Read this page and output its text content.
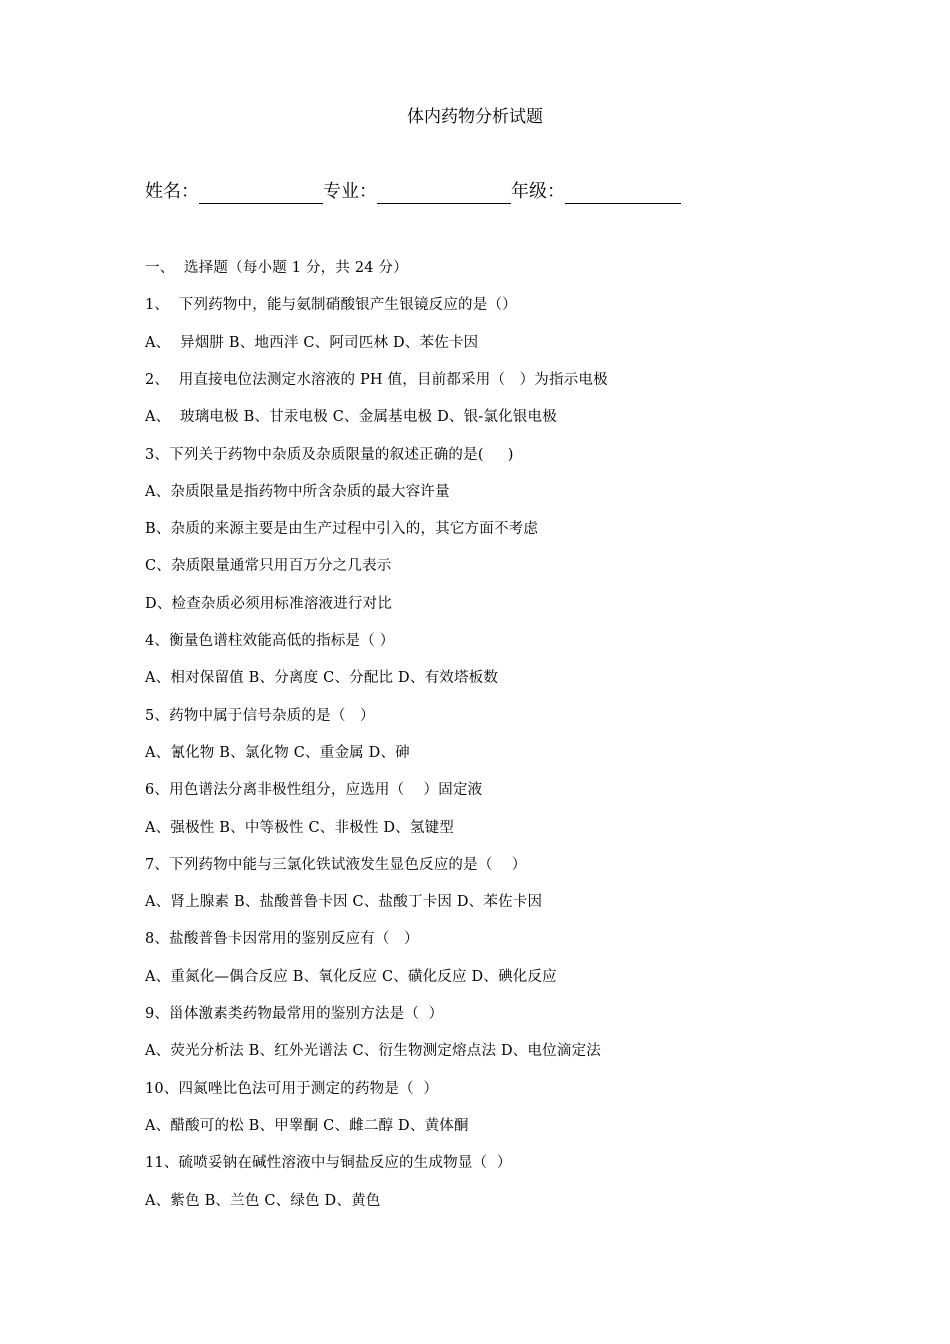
体内药物分析试题
姓名：	专业：	年级：
一、  选择题（每小题 1 分，共 24 分）
1、  下列药物中，能与氨制硝酸银产生银镜反应的是（）
A、  异烟肼 B、地西泮 C、阿司匹林 D、苯佐卡因
2、  用直接电位法测定水溶液的 PH 值，目前都采用（   ）为指示电极
A、  玻璃电极 B、甘汞电极 C、金属基电极 D、银-氯化银电极
3、下列关于药物中杂质及杂质限量的叙述正确的是(     )
A、杂质限量是指药物中所含杂质的最大容许量
B、杂质的来源主要是由生产过程中引入的，其它方面不考虑
C、杂质限量通常只用百万分之几表示
D、检查杂质必须用标准溶液进行对比
4、衡量色谱柱效能高低的指标是（ ）
A、相对保留值 B、分离度 C、分配比 D、有效塔板数
5、药物中属于信号杂质的是（   ）
A、氰化物 B、氯化物 C、重金属 D、砷
6、用色谱法分离非极性组分，应选用（    ）固定液
A、强极性 B、中等极性 C、非极性 D、氢键型
7、下列药物中能与三氯化铁试液发生显色反应的是（    ）
A、肾上腺素 B、盐酸普鲁卡因 C、盐酸丁卡因 D、苯佐卡因
8、盐酸普鲁卡因常用的鉴别反应有（   ）
A、重氮化—偶合反应 B、氧化反应 C、磺化反应 D、碘化反应
9、甾体激素类药物最常用的鉴别方法是（  ）
A、荧光分析法 B、红外光谱法 C、衍生物测定熔点法 D、电位滴定法
10、四氮唑比色法可用于测定的药物是（  ）
A、醋酸可的松 B、甲睾酮 C、雌二醇 D、黄体酮
11、硫喷妥钠在碱性溶液中与铜盐反应的生成物显（  ）
A、紫色 B、兰色 C、绿色 D、黄色
